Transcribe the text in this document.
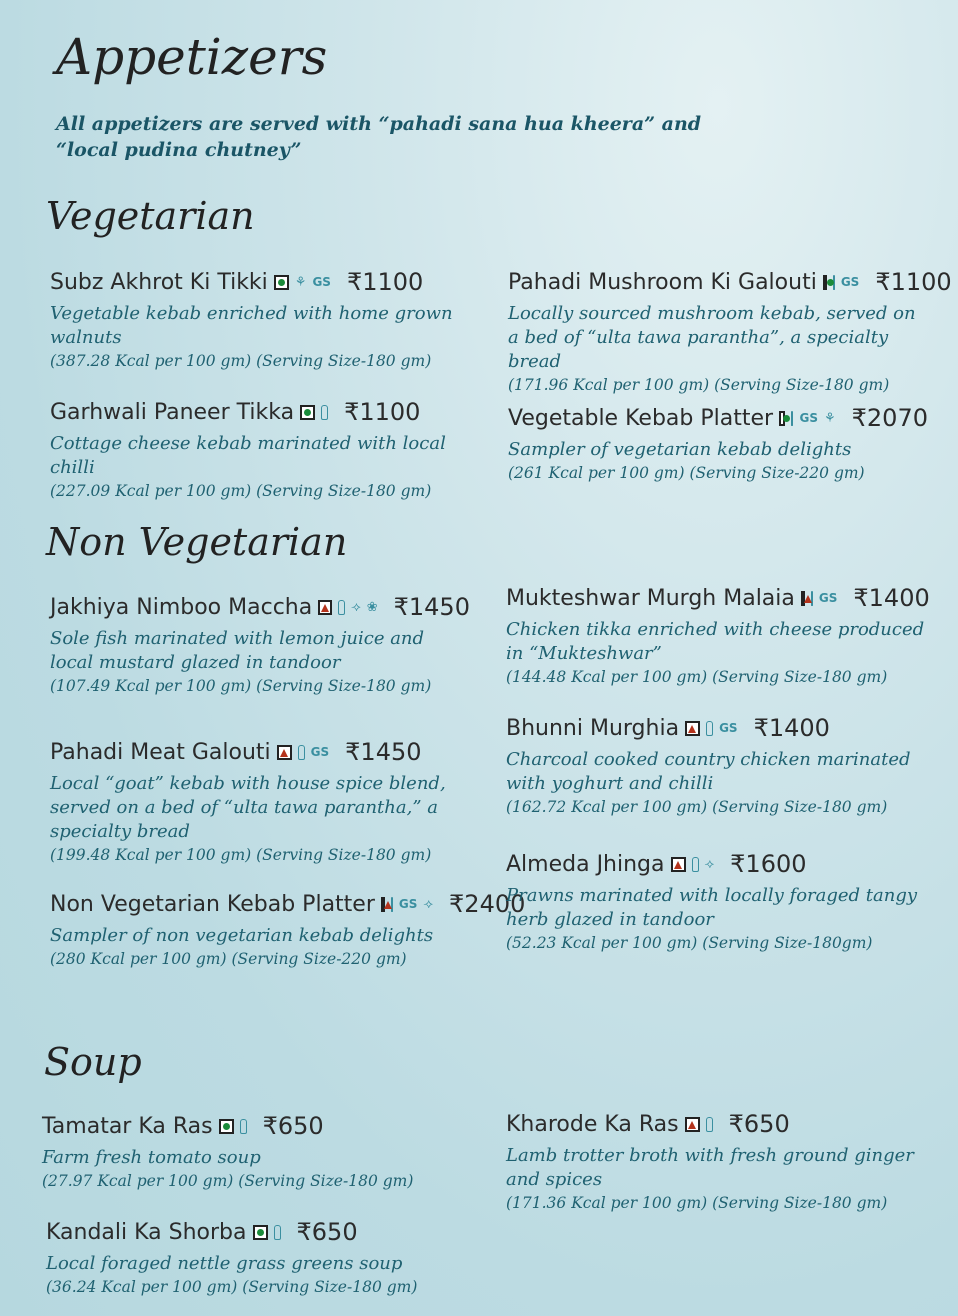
Appetizers
All appetizers are served with “pahadi sana hua kheera” and “local pudina chutney”
Vegetarian
Non Vegetarian
Soup
Subz Akhrot Ki Tikki ⚘ GS ₹1100
Vegetable kebab enriched with home grown walnuts
(387.28 Kcal per 100 gm) (Serving Size-180 gm)
Pahadi Mushroom Ki Galouti GS ₹1100
Locally sourced mushroom kebab, served on a bed of “ulta tawa parantha”, a specialty bread
(171.96 Kcal per 100 gm) (Serving Size-180 gm)
Garhwali Paneer Tikka ₹1100
Cottage cheese kebab marinated with local chilli
(227.09 Kcal per 100 gm) (Serving Size-180 gm)
Vegetable Kebab Platter GS ⚘ ₹2070
Sampler of vegetarian kebab delights
(261 Kcal per 100 gm) (Serving Size-220 gm)
Jakhiya Nimboo Maccha	⟢ ❀ ₹1450
Sole fish marinated with lemon juice and local mustard glazed in tandoor
(107.49 Kcal per 100 gm) (Serving Size-180 gm)
Mukteshwar Murgh Malaia GS ₹1400
Chicken tikka enriched with cheese produced in “Mukteshwar”
(144.48 Kcal per 100 gm) (Serving Size-180 gm)
Pahadi Meat Galouti	GS ₹1450
Local “goat” kebab with house spice blend, served on a bed of “ulta tawa parantha,” a specialty bread
(199.48 Kcal per 100 gm) (Serving Size-180 gm)
Bhunni Murghia	GS ₹1400
Charcoal cooked country chicken marinated with yoghurt and chilli
(162.72 Kcal per 100 gm) (Serving Size-180 gm)
Non Vegetarian Kebab Platter GS ⟢ ₹2400
Sampler of non vegetarian kebab delights
(280 Kcal per 100 gm) (Serving Size-220 gm)
Almeda Jhinga	⟢ ₹1600
Prawns marinated with locally foraged tangy herb glazed in tandoor
(52.23 Kcal per 100 gm) (Serving Size-180gm)
Tamatar Ka Ras ₹650
Farm fresh tomato soup
(27.97 Kcal per 100 gm) (Serving Size-180 gm)
Kharode Ka Ras ₹650
Lamb trotter broth with fresh ground ginger and spices
(171.36 Kcal per 100 gm) (Serving Size-180 gm)
Kandali Ka Shorba ₹650
Local foraged nettle grass greens soup
(36.24 Kcal per 100 gm) (Serving Size-180 gm)
